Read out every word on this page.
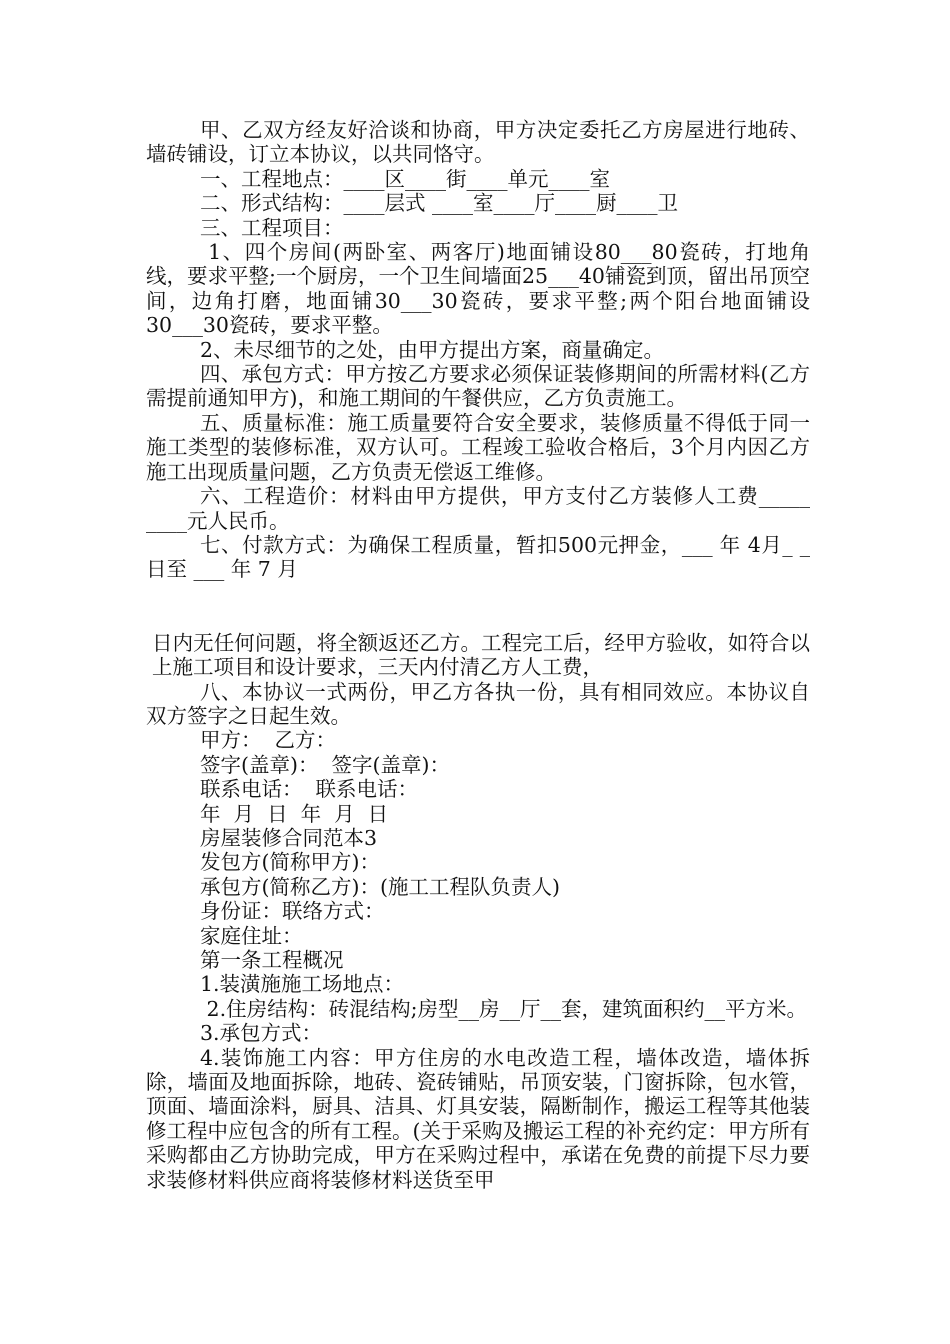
甲、乙双方经友好洽谈和协商，甲方决定委托乙方房屋进行地砖、墙砖铺设，订立本协议，以共同恪守。

一、工程地点：____区____街____单元____室

二、形式结构：____层式 ____室____厅____厨____卫

三、工程项目：

1、四个房间(两卧室、两客厅)地面铺设80___80瓷砖，打地角线，要求平整;一个厨房，一个卫生间墙面25___40铺瓷到顶，留出吊顶空间，边角打磨，地面铺30___30瓷砖，要求平整;两个阳台地面铺设30___30瓷砖，要求平整。

2、未尽细节的之处，由甲方提出方案，商量确定。

四、承包方式：甲方按乙方要求必须保证装修期间的所需材料(乙方需提前通知甲方)，和施工期间的午餐供应，乙方负责施工。

五、质量标准：施工质量要符合安全要求，装修质量不得低于同一施工类型的装修标准，双方认可。工程竣工验收合格后，3个月内因乙方施工出现质量问题，乙方负责无偿返工维修。

六、工程造价：材料由甲方提供，甲方支付乙方装修人工费_____ ____元人民币。

七、付款方式：为确保工程质量，暂扣500元押金，___ 年 4月_ _日至 ___ 年 7 月

日内无任何问题，将全额返还乙方。工程完工后，经甲方验收，如符合以上施工项目和设计要求，三天内付清乙方人工费，

八、本协议一式两份，甲乙方各执一份，具有相同效应。本协议自双方签字之日起生效。

甲方：  乙方：

签字(盖章)：  签字(盖章)：

联系电话：  联系电话：

年  月  日  年  月  日

房屋装修合同范本3

发包方(简称甲方)：

承包方(简称乙方)：(施工工程队负责人)

身份证：联络方式：

家庭住址：

第一条工程概况

1.装潢施施工场地点：

2.住房结构：砖混结构;房型__房__厅__套，建筑面积约__平方米。

3.承包方式：

4.装饰施工内容：甲方住房的水电改造工程，墙体改造，墙体拆除，墙面及地面拆除，地砖、瓷砖铺贴，吊顶安装，门窗拆除，包水管，顶面、墙面涂料，厨具、洁具、灯具安装，隔断制作，搬运工程等其他装修工程中应包含的所有工程。(关于采购及搬运工程的补充约定：甲方所有采购都由乙方协助完成，甲方在采购过程中，承诺在免费的前提下尽力要求装修材料供应商将装修材料送货至甲
